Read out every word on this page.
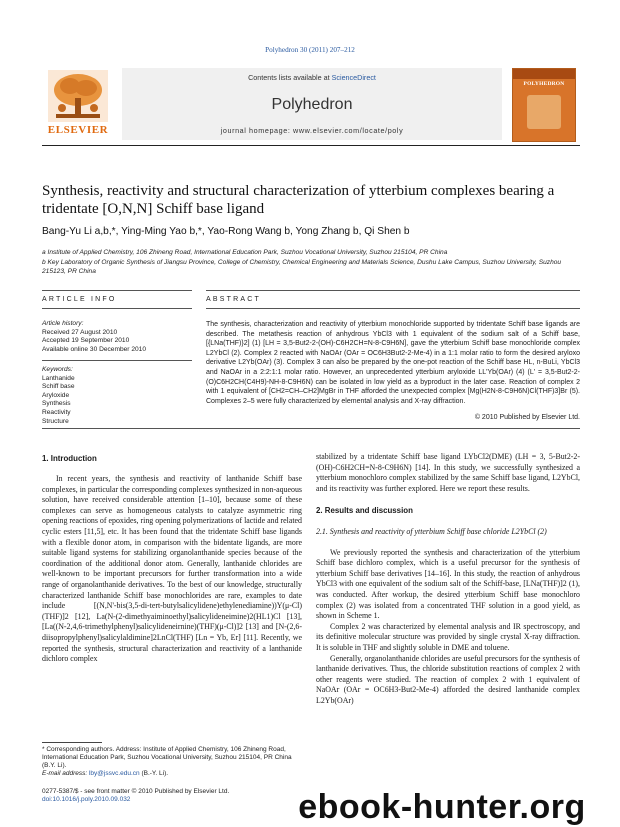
Polyhedron 30 (2011) 207–212
ELSEVIER
Contents lists available at ScienceDirect
Polyhedron
journal homepage: www.elsevier.com/locate/poly
POLYHEDRON
Synthesis, reactivity and structural characterization of ytterbium complexes bearing a tridentate [O,N,N] Schiff base ligand
Bang-Yu Li a,b,*, Ying-Ming Yao b,*, Yao-Rong Wang b, Yong Zhang b, Qi Shen b
a Institute of Applied Chemistry, 106 Zhineng Road, International Education Park, Suzhou Vocational University, Suzhou 215104, PR China
b Key Laboratory of Organic Synthesis of Jiangsu Province, College of Chemistry, Chemical Engineering and Materials Science, Dushu Lake Campus, Suzhou University, Suzhou 215123, PR China
ARTICLE INFO	ABSTRACT
Article history:
Received 27 August 2010
Accepted 19 September 2010
Available online 30 December 2010
Keywords:
Lanthanide
Schiff base
Aryloxide
Synthesis
Reactivity
Structure
The synthesis, characterization and reactivity of ytterbium monochloride supported by tridentate Schiff base ligands are described. The metathesis reaction of anhydrous YbCl3 with 1 equivalent of the sodium salt of a Schiff base, [{LNa(THF)}2] (1) [LH = 3,5-But2-2-(OH)-C6H2CH=N-8-C9H6N], gave the ytterbium Schiff base monochloride complex L2YbCl (2). Complex 2 reacted with NaOAr (OAr = OC6H3But2-2-Me-4) in a 1:1 molar ratio to form the desired aryloxo derivative L2Yb(OAr) (3). Complex 3 can also be prepared by the one-pot reaction of the Schiff base HL, n-BuLi, YbCl3 and NaOAr in a 2:2:1:1 molar ratio. However, an unprecedented ytterbium aryloxide LL'Yb(OAr) (4) (L' = 3,5-But2-2-(O)C6H2CH(C4H9)-NH-8-C9H6N) can be isolated in low yield as a byproduct in the later case. Reaction of complex 2 with 1 equivalent of [CH2=CH–CH2]MgBr in THF afforded the unexpected complex [Mg(H2N-8-C9H6N)Cl(THF)3]Br (5). Complexes 2–5 were fully characterized by elemental analysis and X-ray diffraction.
© 2010 Published by Elsevier Ltd.
1. Introduction

In recent years, the synthesis and reactivity of lanthanide Schiff base complexes, in particular the corresponding complexes synthesized in non-aqueous solution, have received considerable attention [1–10], because some of these complexes can serve as homogeneous catalysts to catalyze asymmetric ring opening reactions of epoxides, ring opening polymerizations of lactide and related cyclic esters [11,5], etc. It has been found that the tridentate Schiff base ligands with a flexible donor atom, in comparison with the bidentate ligands, are more suitable ligand systems for stabilizing organolanthanide species because of the coordination of the additional donor atom. Generally, lanthanide chlorides are well-known to be important precursors for further transformation into a wide range of organolanthanide derivatives. To the best of our knowledge, structurally characterized lanthanide Schiff base monochlorides are rare, examples to date include [(N,N'-bis(3,5-di-tert-butylsalicylidene)ethylenediamine))Y(μ-Cl)(THF)]2 [12], La(N-(2-dimethyaiminoethyl)salicylideneimine)2(HL1)Cl [13], [La((N-2,4,6-trimethylphenyl)salicylideneirnine)(THF)(μ-Cl)]2 [13] and [N-(2,6-diisopropylphenyl)salicylaldimine]2LnCl(THF) [Ln = Yb, Er] [11]. Recently, we reported the synthesis, structural characterization and reactivity of a lanthanide dichloro complex

stabilized by a tridentate Schiff base ligand LYbCl2(DME) (LH = 3, 5-But2-2-(OH)-C6H2CH=N-8-C9H6N) [14]. In this study, we successfully synthesized a ytterbium monochloro complex stabilized by the same Schiff base ligand, L2YbCl, and its reactivity was further explored. Here we report these results.

2. Results and discussion
2.1. Synthesis and reactivity of ytterbium Schiff base chloride L2YbCl (2)

We previously reported the synthesis and characterization of the ytterbium Schiff base dichloro complex, which is a useful precursor for the synthesis of ytterbium Schiff base derivatives [14–16]. In this study, the reaction of anhydrous YbCl3 with one equivalent of the sodium salt of the Schiff-base, [LNa(THF)]2 (1), was conducted. After workup, the desired ytterbium Schiff base monochloro complex (2) was isolated from a concentrated THF solution in a good yield, as shown in Scheme 1.

Complex 2 was characterized by elemental analysis and IR spectroscopy, and its definitive molecular structure was provided by single crystal X-ray diffraction. It is soluble in THF and slightly soluble in DME and toluene.

Generally, organolanthanide chlorides are useful precursors for the synthesis of lanthanide derivatives. Thus, the chloride substitution reactions of complex 2 with other reagents were studied. The reaction of complex 2 with 1 equivalent of NaOAr (OAr = OC6H3-But2-Me-4) afforded the desired lanthanide complex L2Yb(OAr)

* Corresponding authors. Address: Institute of Applied Chemistry, 106 Zhineng Road, International Education Park, Suzhou Vocational University, Suzhou 215104, PR China (B.Y. Li).
E-mail address: lby@jssvc.edu.cn (B.-Y. Li).
0277-5387/$ - see front matter © 2010 Published by Elsevier Ltd.
doi:10.1016/j.poly.2010.09.032	ebook-hunter.org
